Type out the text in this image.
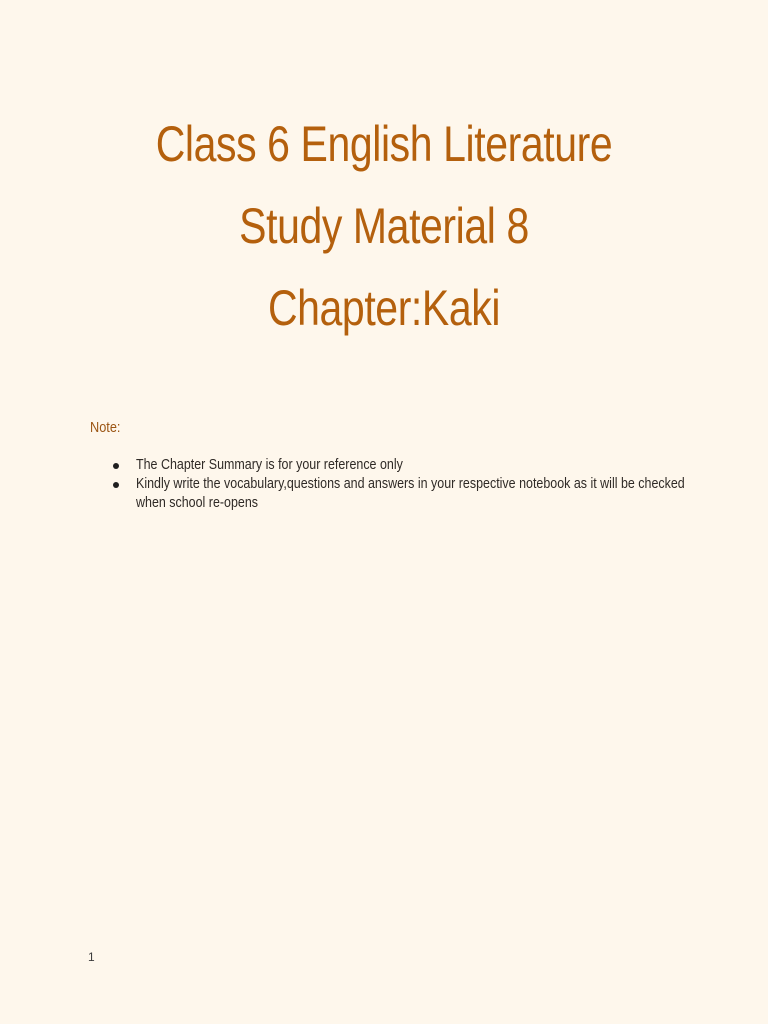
Class 6 English Literature
Study Material 8
Chapter:Kaki
Note:
The Chapter Summary is for your reference only
Kindly write the vocabulary,questions and answers in your respective notebook as it will be checked when school re-opens
1
